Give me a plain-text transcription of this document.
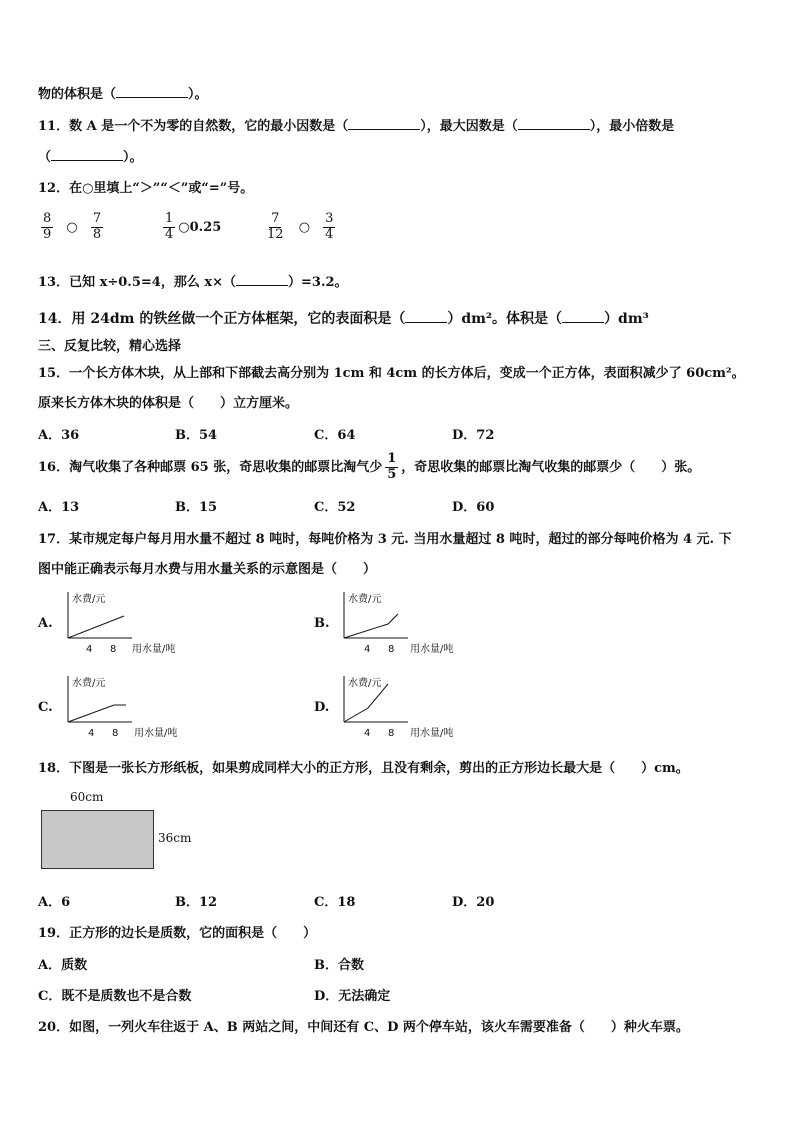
物的体积是（	）。
11．数 A 是一个不为零的自然数，它的最小因数是（	），最大因数是（	），最小倍数是
（	）。
12．在○里填上“＞”“＜”或“=”号。
$\frac{8}{9}$ ○ $\frac{7}{8}$	$\frac{1}{4}$ ○0.25	$\frac{7}{12}$ ○ $\frac{3}{4}$
13．已知 x÷0.5=4，那么 x×（	）=3.2。
14．用 24dm 的铁丝做一个正方体框架，它的表面积是（	）dm²。体积是（	）dm³
三、反复比较，精心选择
15．一个长方体木块，从上部和下部截去高分别为 1cm 和 4cm 的长方体后，变成一个正方体，表面积减少了 60cm²。
原来长方体木块的体积是（　　）立方厘米。
A．36	B．54	C．64	D．72
16．淘气收集了各种邮票 65 张，奇思收集的邮票比淘气少 $\frac{1}{5}$ ，奇思收集的邮票比淘气收集的邮票少（　　）张。
A．13	B．15	C．52	D．60
17．某市规定每户每月用水量不超过 8 吨时，每吨价格为 3 元. 当用水量超过 8 吨时，超过的部分每吨价格为 4 元. 下
图中能正确表示每月水费与用水量关系的示意图是（　　）
A.
水费/元
4 8 用水量/吨
B.
水费/元
4 8 用水量/吨
C.
水费/元
4 8 用水量/吨
D.
水费/元
4 8 用水量/吨
18．下图是一张长方形纸板，如果剪成同样大小的正方形，且没有剩余，剪出的正方形边长最大是（　　）cm。
60cm
36cm
A．6	B．12	C．18	D．20
19．正方形的边长是质数，它的面积是（　　）
A．质数	B．合数
C．既不是质数也不是合数	D．无法确定
20．如图，一列火车往返于 A、B 两站之间，中间还有 C、D 两个停车站，该火车需要准备（　　）种火车票。
